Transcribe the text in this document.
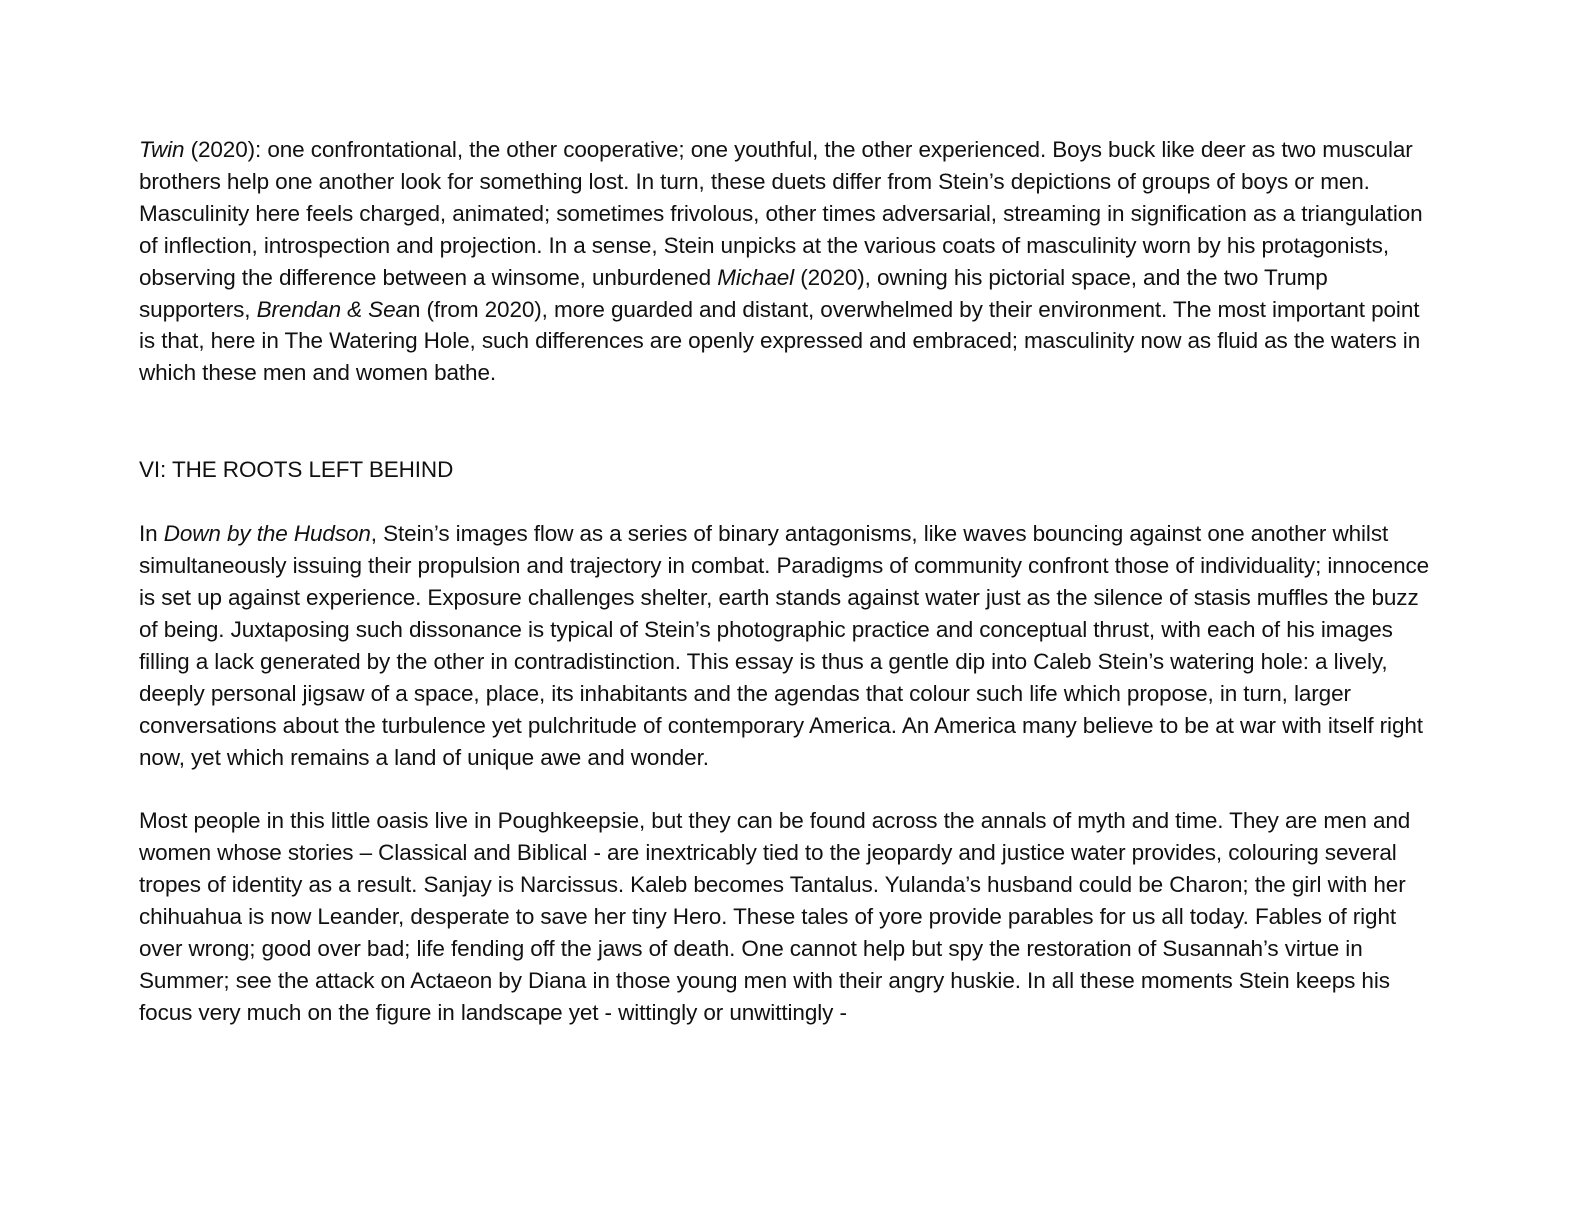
Twin (2020): one confrontational, the other cooperative; one youthful, the other experienced. Boys buck like deer as two muscular brothers help one another look for something lost. In turn, these duets differ from Stein’s depictions of groups of boys or men. Masculinity here feels charged, animated; sometimes frivolous, other times adversarial, streaming in signification as a triangulation of inflection, introspection and projection. In a sense, Stein unpicks at the various coats of masculinity worn by his protagonists, observing the difference between a winsome, unburdened Michael (2020), owning his pictorial space, and the two Trump supporters, Brendan & Sean (from 2020), more guarded and distant, overwhelmed by their environment. The most important point is that, here in The Watering Hole, such differences are openly expressed and embraced; masculinity now as fluid as the waters in which these men and women bathe.

VI: THE ROOTS LEFT BEHIND

In Down by the Hudson, Stein’s images flow as a series of binary antagonisms, like waves bouncing against one another whilst simultaneously issuing their propulsion and trajectory in combat. Paradigms of community confront those of individuality; innocence is set up against experience. Exposure challenges shelter, earth stands against water just as the silence of stasis muffles the buzz of being. Juxtaposing such dissonance is typical of Stein’s photographic practice and conceptual thrust, with each of his images filling a lack generated by the other in contradistinction. This essay is thus a gentle dip into Caleb Stein’s watering hole: a lively, deeply personal jigsaw of a space, place, its inhabitants and the agendas that colour such life which propose, in turn, larger conversations about the turbulence yet pulchritude of contemporary America. An America many believe to be at war with itself right now, yet which remains a land of unique awe and wonder.

Most people in this little oasis live in Poughkeepsie, but they can be found across the annals of myth and time. They are men and women whose stories – Classical and Biblical - are inextricably tied to the jeopardy and justice water provides, colouring several tropes of identity as a result. Sanjay is Narcissus. Kaleb becomes Tantalus. Yulanda’s husband could be Charon; the girl with her chihuahua is now Leander, desperate to save her tiny Hero. These tales of yore provide parables for us all today. Fables of right over wrong; good over bad; life fending off the jaws of death. One cannot help but spy the restoration of Susannah’s virtue in Summer; see the attack on Actaeon by Diana in those young men with their angry huskie. In all these moments Stein keeps his focus very much on the figure in landscape yet - wittingly or unwittingly -
